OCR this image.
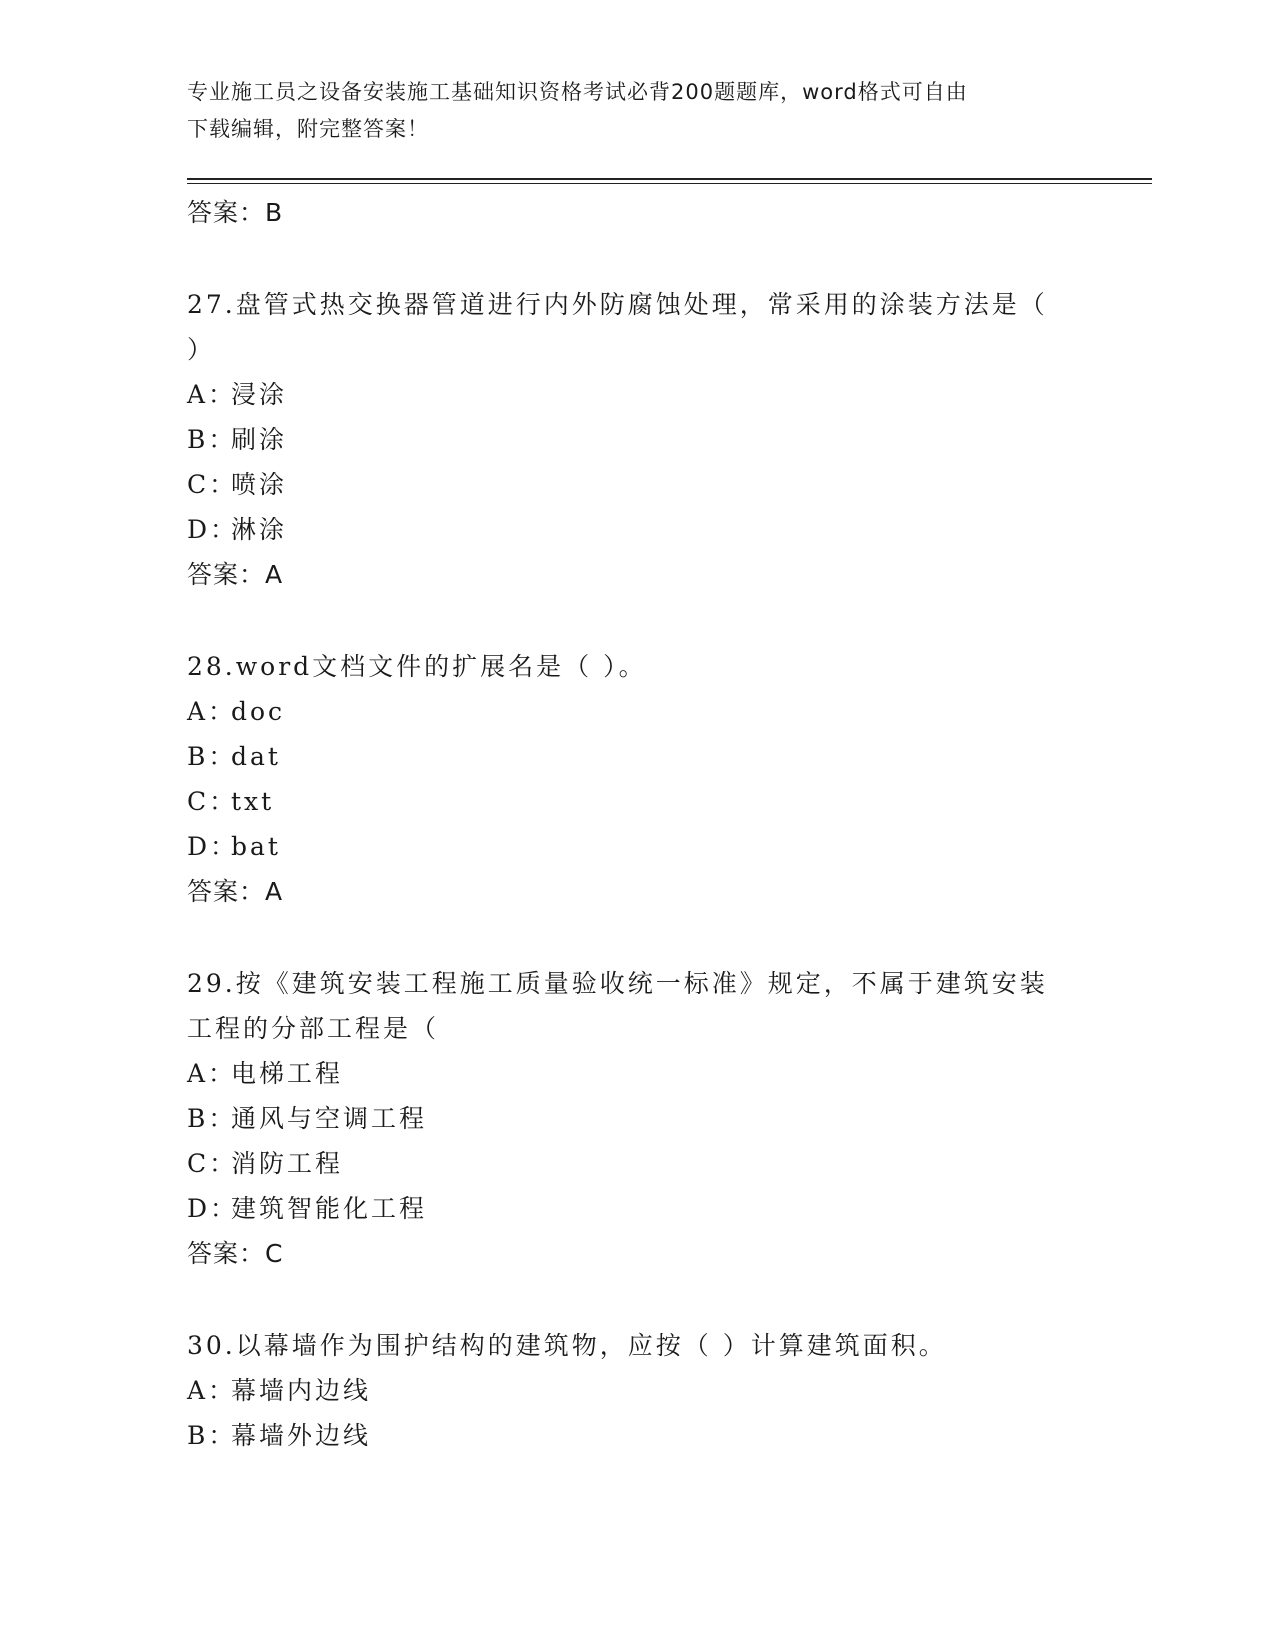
专业施工员之设备安装施工基础知识资格考试必背200题题库，word格式可自由
下载编辑，附完整答案！
答案：B
27.盘管式热交换器管道进行内外防腐蚀处理，常采用的涂装方法是（
）
A：浸涂
B：刷涂
C：喷涂
D：淋涂
答案：A
28.word文档文件的扩展名是（ ）。
A：doc
B：dat
C：txt
D：bat
答案：A
29.按《建筑安装工程施工质量验收统一标准》规定，不属于建筑安装
工程的分部工程是（
A：电梯工程
B：通风与空调工程
C：消防工程
D：建筑智能化工程
答案：C
30.以幕墙作为围护结构的建筑物，应按（ ）计算建筑面积。
A：幕墙内边线
B：幕墙外边线
